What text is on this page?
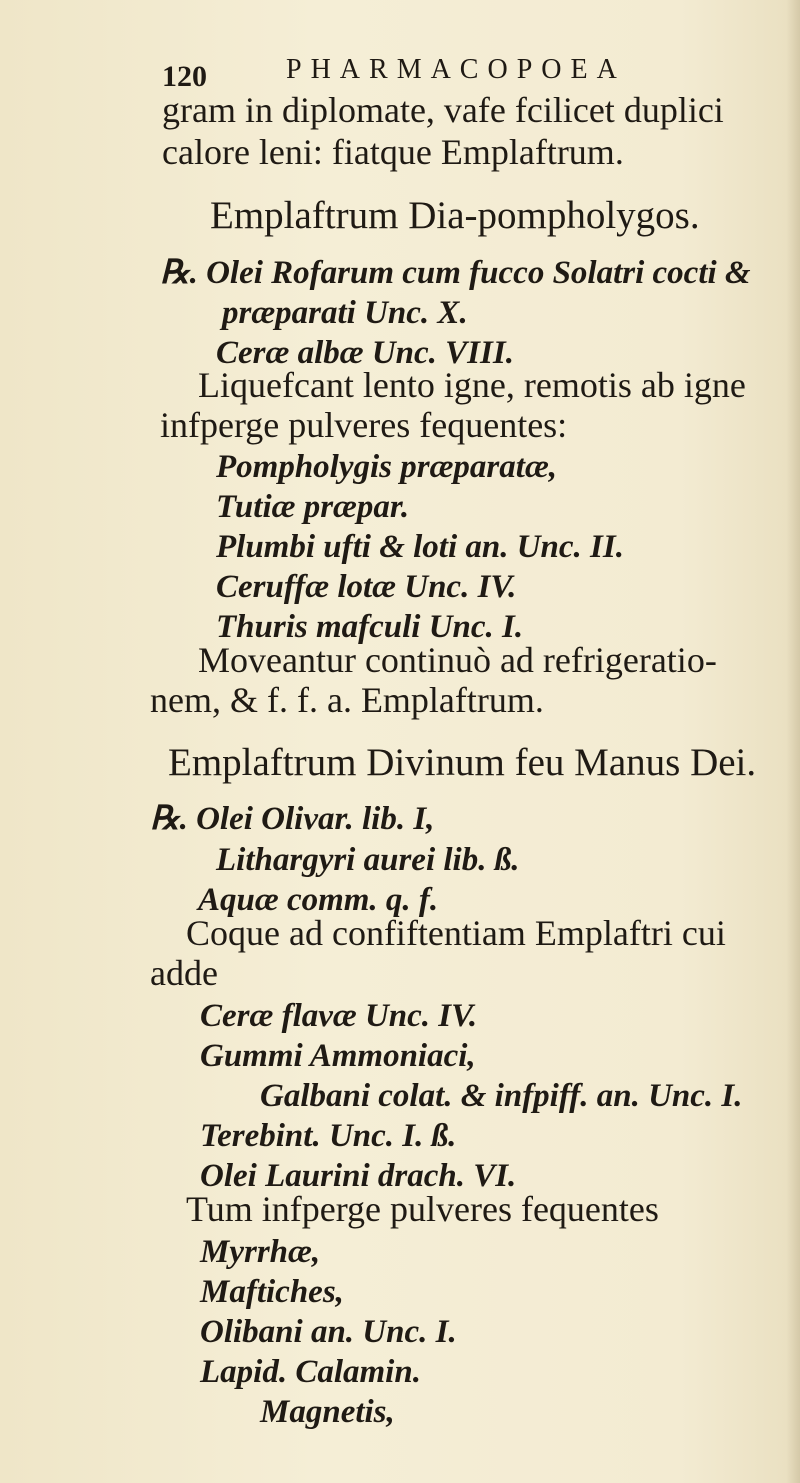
120	PHARMACOPOEA
gram in diplomate, vafe fcilicet duplici
calore leni: fiatque Emplaftrum.
Emplaftrum Dia-pompholygos.
℞. Olei Rofarum cum fucco Solatri cocti &
præparati Unc. X.
Ceræ albæ Unc. VIII.
Liquefcant lento igne, remotis ab igne
infperge pulveres fequentes:
Pompholygis præparatæ,
Tutiæ præpar.
Plumbi ufti & loti an. Unc. II.
Ceruffæ lotæ Unc. IV.
Thuris mafculi Unc. I.
Moveantur continuò ad refrigeratio-
nem, & f. f. a. Emplaftrum.
Emplaftrum Divinum feu Manus Dei.
℞. Olei Olivar. lib. I,
Lithargyri aurei lib. ß.
Aquæ comm. q. f.
Coque ad confiftentiam Emplaftri cui
adde
Ceræ flavæ Unc. IV.
Gummi Ammoniaci,
Galbani colat. & infpiff. an. Unc. I.
Terebint. Unc. I. ß.
Olei Laurini drach. VI.
Tum infperge pulveres fequentes
Myrrhæ,
Maftiches,
Olibani an. Unc. I.
Lapid. Calamin.
Magnetis,
